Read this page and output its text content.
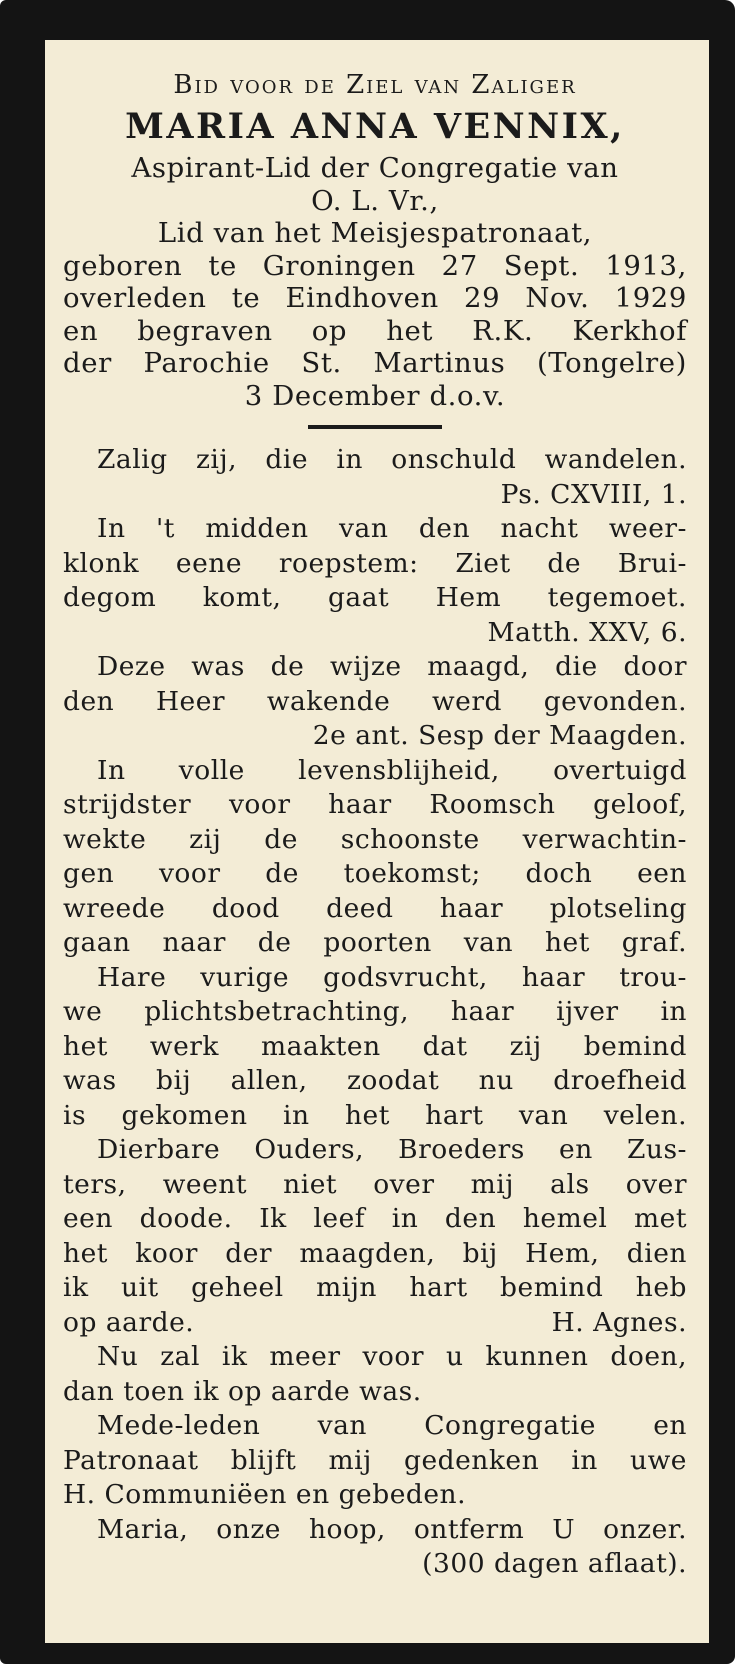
Bid voor de Ziel van Zaliger
MARIA ANNA VENNIX,

Aspirant-Lid der Congregatie van

O. L. Vr.,

Lid van het Meisjespatronaat,

geboren te Groningen 27 Sept. 1913,

overleden te Eindhoven 29 Nov. 1929

en begraven op het R.K. Kerkhof

der Parochie St. Martinus (Tongelre)

3 December d.o.v.

Zalig zij, die in onschuld wandelen.

Ps. CXVIII, 1.

In 't midden van den nacht weer-

klonk eene roepstem: Ziet de Brui-

degom komt, gaat Hem tegemoet.

Matth. XXV, 6.

Deze was de wijze maagd, die door

den Heer wakende werd gevonden.

2e ant. Sesp der Maagden.

In volle levensblijheid, overtuigd

strijdster voor haar Roomsch geloof,

wekte zij de schoonste verwachtin-

gen voor de toekomst; doch een

wreede dood deed haar plotseling

gaan naar de poorten van het graf.

Hare vurige godsvrucht, haar trou-

we plichtsbetrachting, haar ijver in

het werk maakten dat zij bemind

was bij allen, zoodat nu droefheid

is gekomen in het hart van velen.

Dierbare Ouders, Broeders en Zus-

ters, weent niet over mij als over

een doode. Ik leef in den hemel met

het koor der maagden, bij Hem, dien

ik uit geheel mijn hart bemind heb

op aarde.	H. Agnes.

Nu zal ik meer voor u kunnen doen,

dan toen ik op aarde was.

Mede-leden van Congregatie en

Patronaat blijft mij gedenken in uwe

H. Communiëen en gebeden.

Maria, onze hoop, ontferm U onzer.

(300 dagen aflaat).
